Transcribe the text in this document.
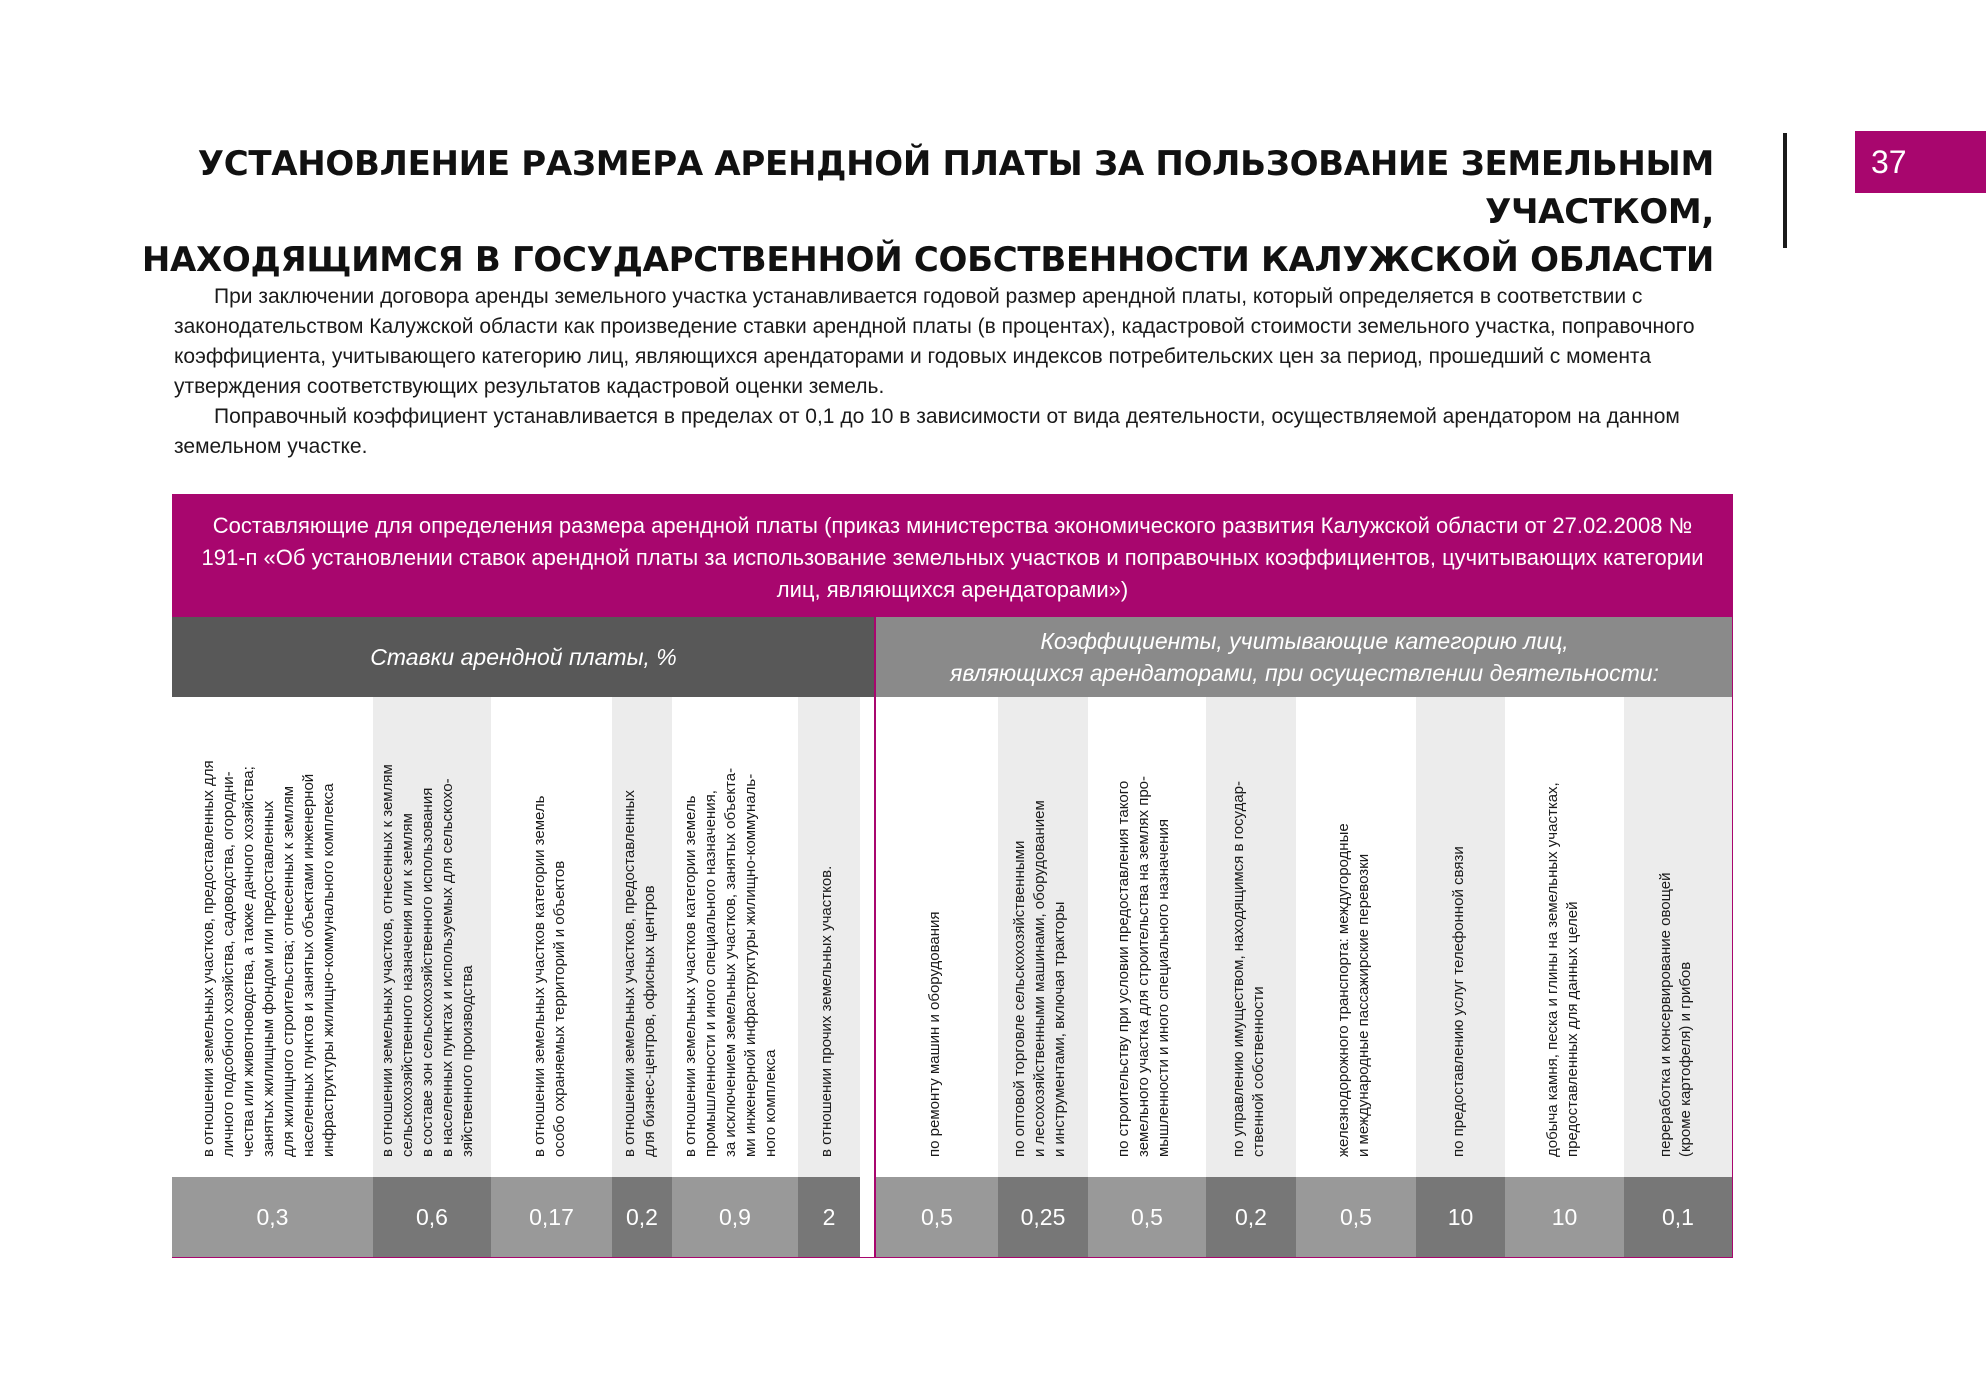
УСТАНОВЛЕНИЕ РАЗМЕРА АРЕНДНОЙ ПЛАТЫ ЗА ПОЛЬЗОВАНИЕ ЗЕМЕЛЬНЫМ УЧАСТКОМ,
НАХОДЯЩИМСЯ В ГОСУДАРСТВЕННОЙ СОБСТВЕННОСТИ КАЛУЖСКОЙ ОБЛАСТИ
37

При заключении договора аренды земельного участка устанавливается годовой размер арендной платы, который определяется в соответствии с законодательством Калужской области как произведение ставки арендной платы (в процентах), кадастровой стоимости земельного участка, поправочного коэффициента, учитывающего категорию лиц, являющихся арендаторами и годовых индексов потребительских цен за период, прошедший с момента утверждения соответствующих результатов кадастровой оценки земель.

Поправочный коэффициент устанавливается в пределах от 0,1 до 10 в зависимости от вида деятельности, осуществляемой арендатором на данном земельном участке.

Составляющие для определения размера арендной платы (приказ министерства экономического развития Калужской области от 27.02.2008 № 191-п «Об установлении ставок арендной платы за использование земельных участков и поправочных коэффициентов, цучитывающих категории лиц, являющихся арендаторами»)
Ставки арендной платы, %
Коэффициенты, учитывающие категорию лиц,
являющихся арендаторами, при осуществлении деятельности:
в отношении земельных участков, предоставленных для личного подсобного хозяйства, садоводства, огородни- чества или животноводства, а также дачного хозяйства; занятых жилищным фондом или предоставленных для жилищного строительства; отнесенных к землям населенных пунктов и занятых объектами инженерной инфраструктуры жилищно-коммунального комплекса
0,3
в отношении земельных участков, отнесенных к землям сельскохозяйственного назначения или к землям в составе зон сельскохозяйственного использования в населенных пунктах и используемых для сельскохо- зяйственного производства
0,6
в отношении земельных участков категории земель особо охраняемых территорий и объектов
0,17
в отношении земельных участков, предоставленных для бизнес-центров, офисных центров
0,2
в отношении земельных участков категории земель промышленности и иного специального назначения, за исключением земельных участков, занятых объекта- ми инженерной инфраструктуры жилищно-коммуналь- ного комплекса
0,9
в отношении прочих земельных участков.
2
по ремонту машин и оборудования
0,5
по оптовой торговле сельскохозяйственными и лесохозяйственными машинами, оборудованием и инструментами, включая тракторы
0,25
по строительству при условии предоставления такого земельного участка для строительства на землях про- мышленности и иного специального назначения
0,5
по управлению имуществом, находящимся в государ- ственной собственности
0,2
железнодорожного транспорта: междугородные и международные пассажирские перевозки
0,5
по предоставлению услуг телефонной связи
10
добыча камня, песка и глины на земельных участках, предоставленных для данных целей
10
переработка и консервирование овощей (кроме картофеля) и грибов
0,1
